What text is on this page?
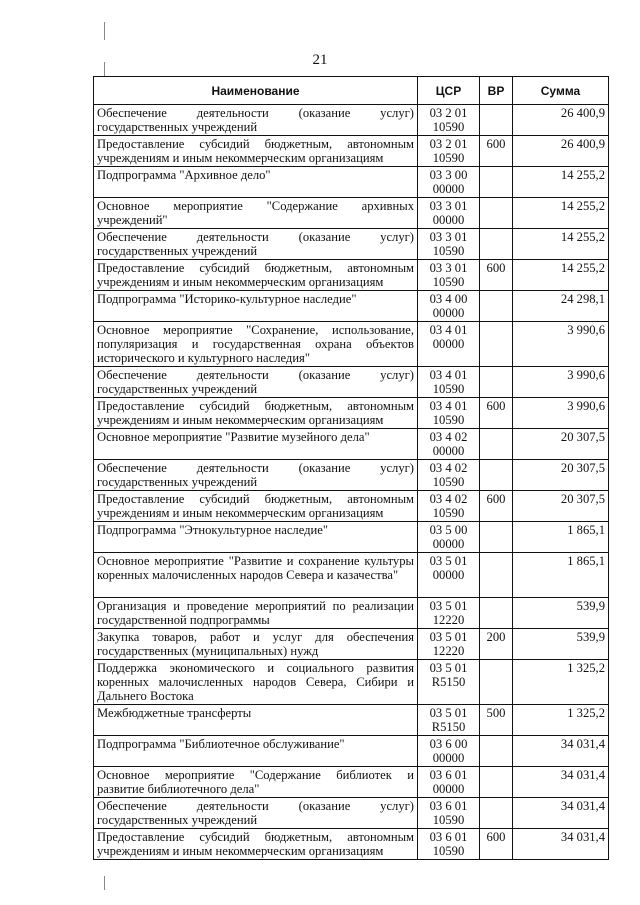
21
Наименование	ЦСР	ВР	Сумма
Обеспечение деятельности (оказание услуг) государственных учреждений	03 2 01 10590		26 400,9
Предоставление субсидий бюджетным, автономным учреждениям и иным некоммерческим организациям	03 2 01 10590	600	26 400,9
Подпрограмма "Архивное дело"	03 3 00 00000		14 255,2
Основное мероприятие "Содержание архивных учреждений"	03 3 01 00000		14 255,2
Обеспечение деятельности (оказание услуг) государственных учреждений	03 3 01 10590		14 255,2
Предоставление субсидий бюджетным, автономным учреждениям и иным некоммерческим организациям	03 3 01 10590	600	14 255,2
Подпрограмма "Историко-культурное наследие"	03 4 00 00000		24 298,1
Основное мероприятие "Сохранение, использование, популяризация и государственная охрана объектов исторического и культурного наследия"	03 4 01 00000		3 990,6
Обеспечение деятельности (оказание услуг) государственных учреждений	03 4 01 10590		3 990,6
Предоставление субсидий бюджетным, автономным учреждениям и иным некоммерческим организациям	03 4 01 10590	600	3 990,6
Основное мероприятие "Развитие музейного дела"	03 4 02 00000		20 307,5
Обеспечение деятельности (оказание услуг) государственных учреждений	03 4 02 10590		20 307,5
Предоставление субсидий бюджетным, автономным учреждениям и иным некоммерческим организациям	03 4 02 10590	600	20 307,5
Подпрограмма "Этнокультурное наследие"	03 5 00 00000		1 865,1
Основное мероприятие "Развитие и сохранение культуры коренных малочисленных народов Севера и казачества"	03 5 01 00000		1 865,1
Организация и проведение мероприятий по реализации государственной подпрограммы	03 5 01 12220		539,9
Закупка товаров, работ и услуг для обеспечения государственных (муниципальных) нужд	03 5 01 12220	200	539,9
Поддержка экономического и социального развития коренных малочисленных народов Севера, Сибири и Дальнего Востока	03 5 01 R5150		1 325,2
Межбюджетные трансферты	03 5 01 R5150	500	1 325,2
Подпрограмма "Библиотечное обслуживание"	03 6 00 00000		34 031,4
Основное мероприятие "Содержание библиотек и развитие библиотечного дела"	03 6 01 00000		34 031,4
Обеспечение деятельности (оказание услуг) государственных учреждений	03 6 01 10590		34 031,4
Предоставление субсидий бюджетным, автономным учреждениям и иным некоммерческим организациям	03 6 01 10590	600	34 031,4
